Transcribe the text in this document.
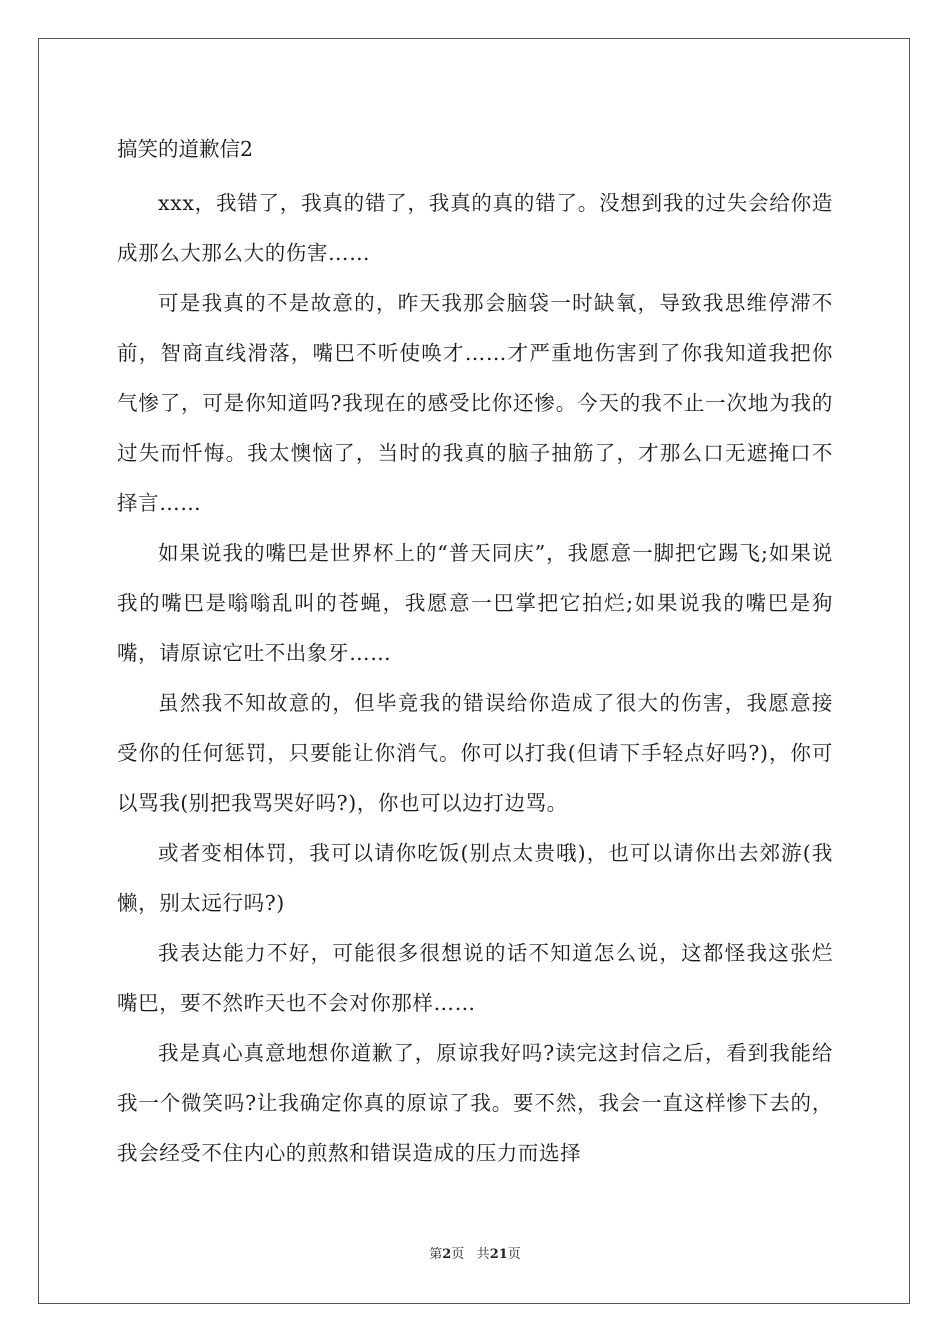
搞笑的道歉信2

xxx，我错了，我真的错了，我真的真的错了。没想到我的过失会给你造成那么大那么大的伤害……

可是我真的不是故意的，昨天我那会脑袋一时缺氧，导致我思维停滞不前，智商直线滑落，嘴巴不听使唤才……才严重地伤害到了你我知道我把你气惨了，可是你知道吗?我现在的感受比你还惨。今天的我不止一次地为我的过失而忏悔。我太懊恼了，当时的我真的脑子抽筋了，才那么口无遮掩口不择言……

如果说我的嘴巴是世界杯上的“普天同庆”，我愿意一脚把它踢飞;如果说我的嘴巴是嗡嗡乱叫的苍蝇，我愿意一巴掌把它拍烂;如果说我的嘴巴是狗嘴，请原谅它吐不出象牙……

虽然我不知故意的，但毕竟我的错误给你造成了很大的伤害，我愿意接受你的任何惩罚，只要能让你消气。你可以打我(但请下手轻点好吗?)，你可以骂我(别把我骂哭好吗?)，你也可以边打边骂。

或者变相体罚，我可以请你吃饭(别点太贵哦)，也可以请你出去郊游(我懒，别太远行吗?)

我表达能力不好，可能很多很想说的话不知道怎么说，这都怪我这张烂嘴巴，要不然昨天也不会对你那样……

我是真心真意地想你道歉了，原谅我好吗?读完这封信之后，看到我能给我一个微笑吗?让我确定你真的原谅了我。要不然，我会一直这样惨下去的，我会经受不住内心的煎熬和错误造成的压力而选择

第2页 共21页
